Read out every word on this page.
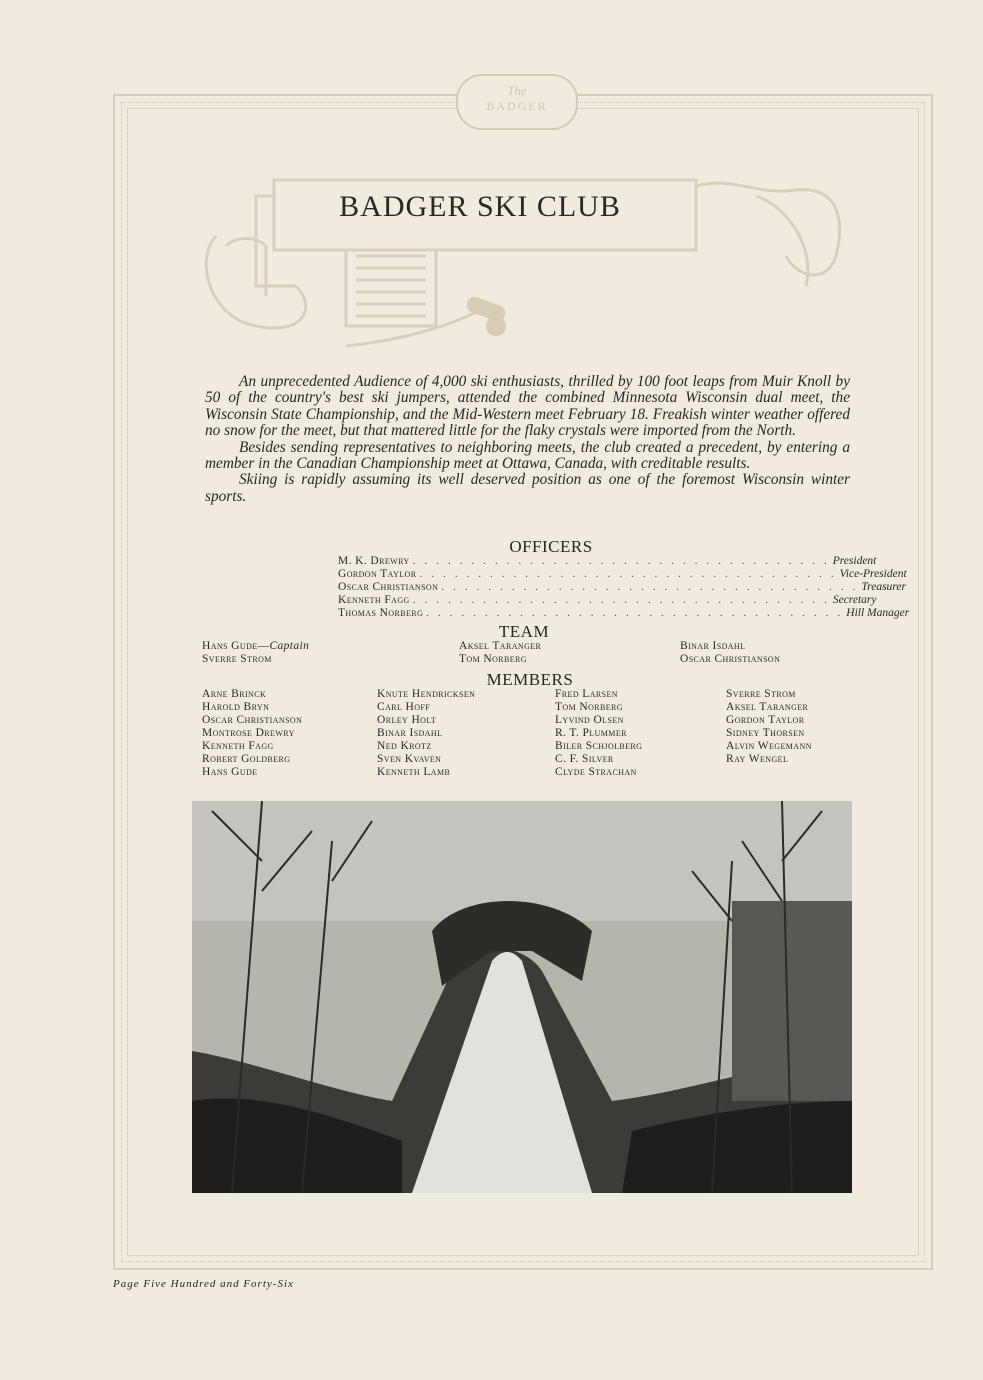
The
BADGER
BADGER SKI CLUB

An unprecedented Audience of 4,000 ski enthusiasts, thrilled by 100 foot leaps from Muir Knoll by 50 of the country's best ski jumpers, attended the combined Minnesota Wisconsin dual meet, the Wisconsin State Championship, and the Mid-Western meet February 18. Freakish winter weather offered no snow for the meet, but that mattered little for the flaky crystals were imported from the North.

Besides sending representatives to neighboring meets, the club created a precedent, by entering a member in the Canadian Championship meet at Ottawa, Canada, with creditable results.

Skiing is rapidly assuming its well deserved position as one of the foremost Wisconsin winter sports.

OFFICERS
M. K. Drewry . . . . . . . . . . . . . . . . . . . . . . . . . . . . . . . . . . . . President
Gordon Taylor . . . . . . . . . . . . . . . . . . . . . . . . . . . . . . . . . . . . Vice-President
Oscar Christianson . . . . . . . . . . . . . . . . . . . . . . . . . . . . . . . . . . . . Treasurer
Kenneth Fagg . . . . . . . . . . . . . . . . . . . . . . . . . . . . . . . . . . . . Secretary
Thomas Norberg . . . . . . . . . . . . . . . . . . . . . . . . . . . . . . . . . . . . Hill Manager
TEAM
Hans Gude—Captain
Sverre Strom
Aksel Taranger
Tom Norberg
Binar Isdahl
Oscar Christianson
MEMBERS
Arne Brinck
Harold Bryn
Oscar Christianson
Montrose Drewry
Kenneth Fagg
Robert Goldberg
Hans Gude
Knute Hendricksen
Carl Hoff
Orley Holt
Binar Isdahl
Ned Krotz
Sven Kvaven
Kenneth Lamb
Fred Larsen
Tom Norberg
Lyvind Olsen
R. T. Plummer
Biler Schjolberg
C. F. Silver
Clyde Strachan
Sverre Strom
Aksel Taranger
Gordon Taylor
Sidney Thorsen
Alvin Wegemann
Ray Wengel
Page Five Hundred and Forty-Six
